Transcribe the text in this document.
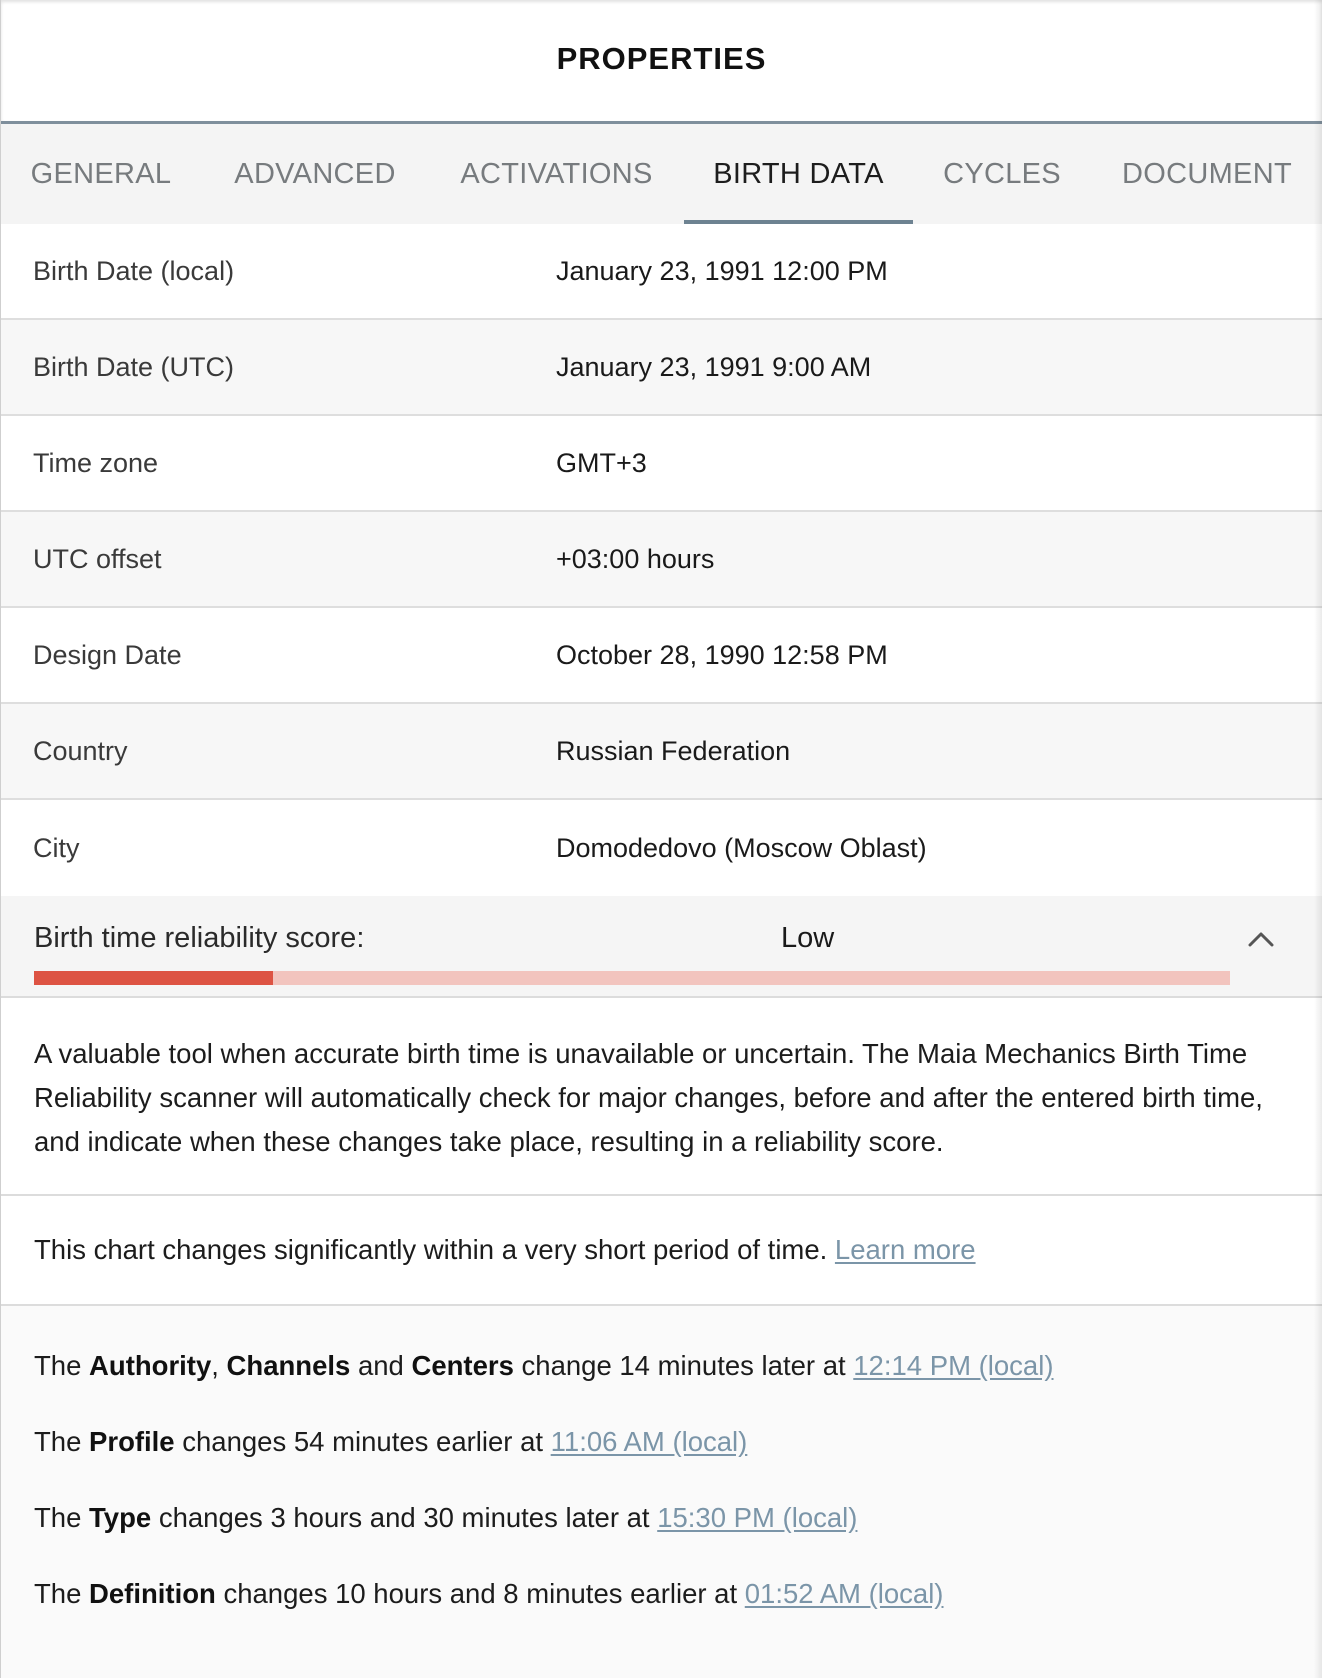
PROPERTIES
GENERAL	ADVANCED	ACTIVATIONS	BIRTH DATA	CYCLES	DOCUMENT
Birth Date (local)	January 23, 1991 12:00 PM
Birth Date (UTC)	January 23, 1991 9:00 AM
Time zone	GMT+3
UTC offset	+03:00 hours
Design Date	October 28, 1990 12:58 PM
Country	Russian Federation
City	Domodedovo (Moscow Oblast)
Birth time reliability score:	Low
A valuable tool when accurate birth time is unavailable or uncertain. The Maia Mechanics Birth Time Reliability scanner will automatically check for major changes, before and after the entered birth time, and indicate when these changes take place, resulting in a reliability score.
This chart changes significantly within a very short period of time. Learn more
The Authority , Channels and Centers change 14 minutes later at 12:14 PM (local)
The Profile changes 54 minutes earlier at 11:06 AM (local)
The Type changes 3 hours and 30 minutes later at 15:30 PM (local)
The Definition changes 10 hours and 8 minutes earlier at 01:52 AM (local)
